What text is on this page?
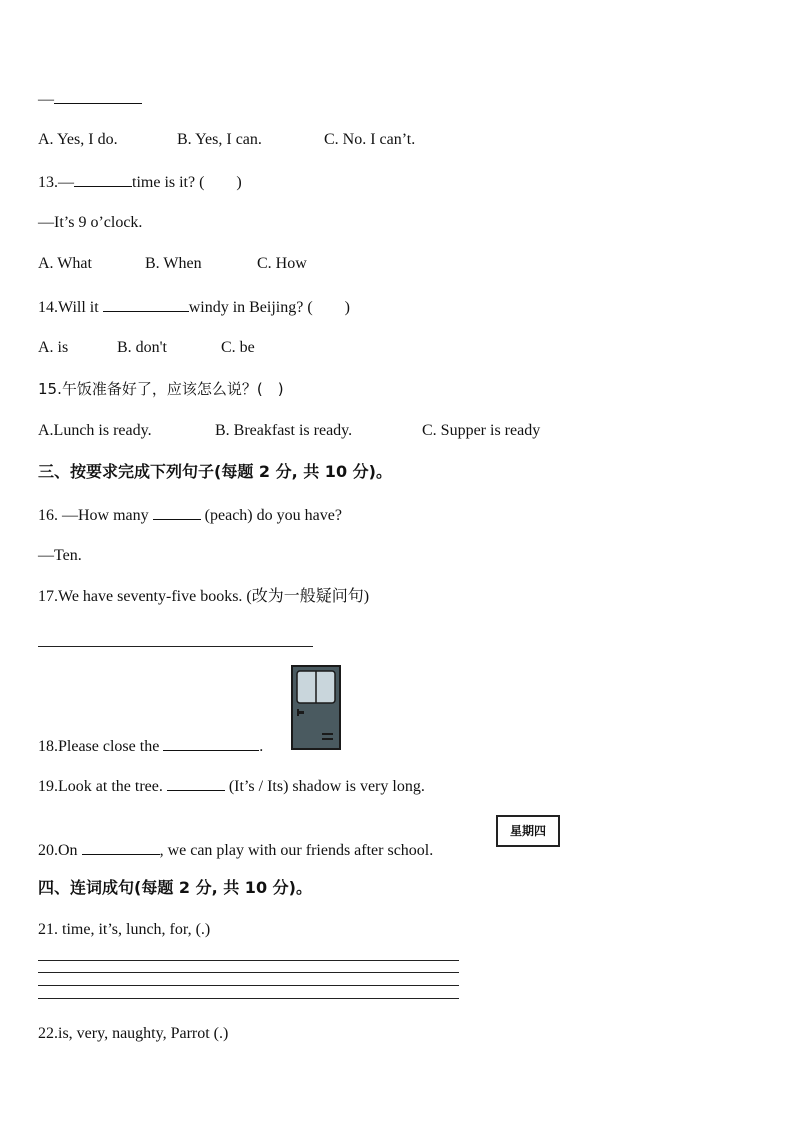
—
A. Yes, I do.	B. Yes, I can.	C. No. I can’t.
13.—	time is it? (　　)
—It’s 9 o’clock.
A. What	B. When	C. How
14.Will it	windy in Beijing? (　　)
A. is	B. don't	C. be
15.午饭准备好了，应该怎么说？(　)
A.Lunch is ready.	B. Breakfast is ready.	C. Supper is ready
三、按要求完成下列句子(每题 2 分, 共 10 分)。
16. —How many	(peach) do you have?
—Ten.
17.We have seventy-five books. (改为一般疑问句)
18.Please close the	.
19.Look at the tree.	(It’s / Its) shadow is very long.
20.On	, we can play with our friends after school.
星期四
四、连词成句(每题 2 分, 共 10 分)。
21. time, it’s, lunch, for, (.)
22.is, very, naughty, Parrot (.)
